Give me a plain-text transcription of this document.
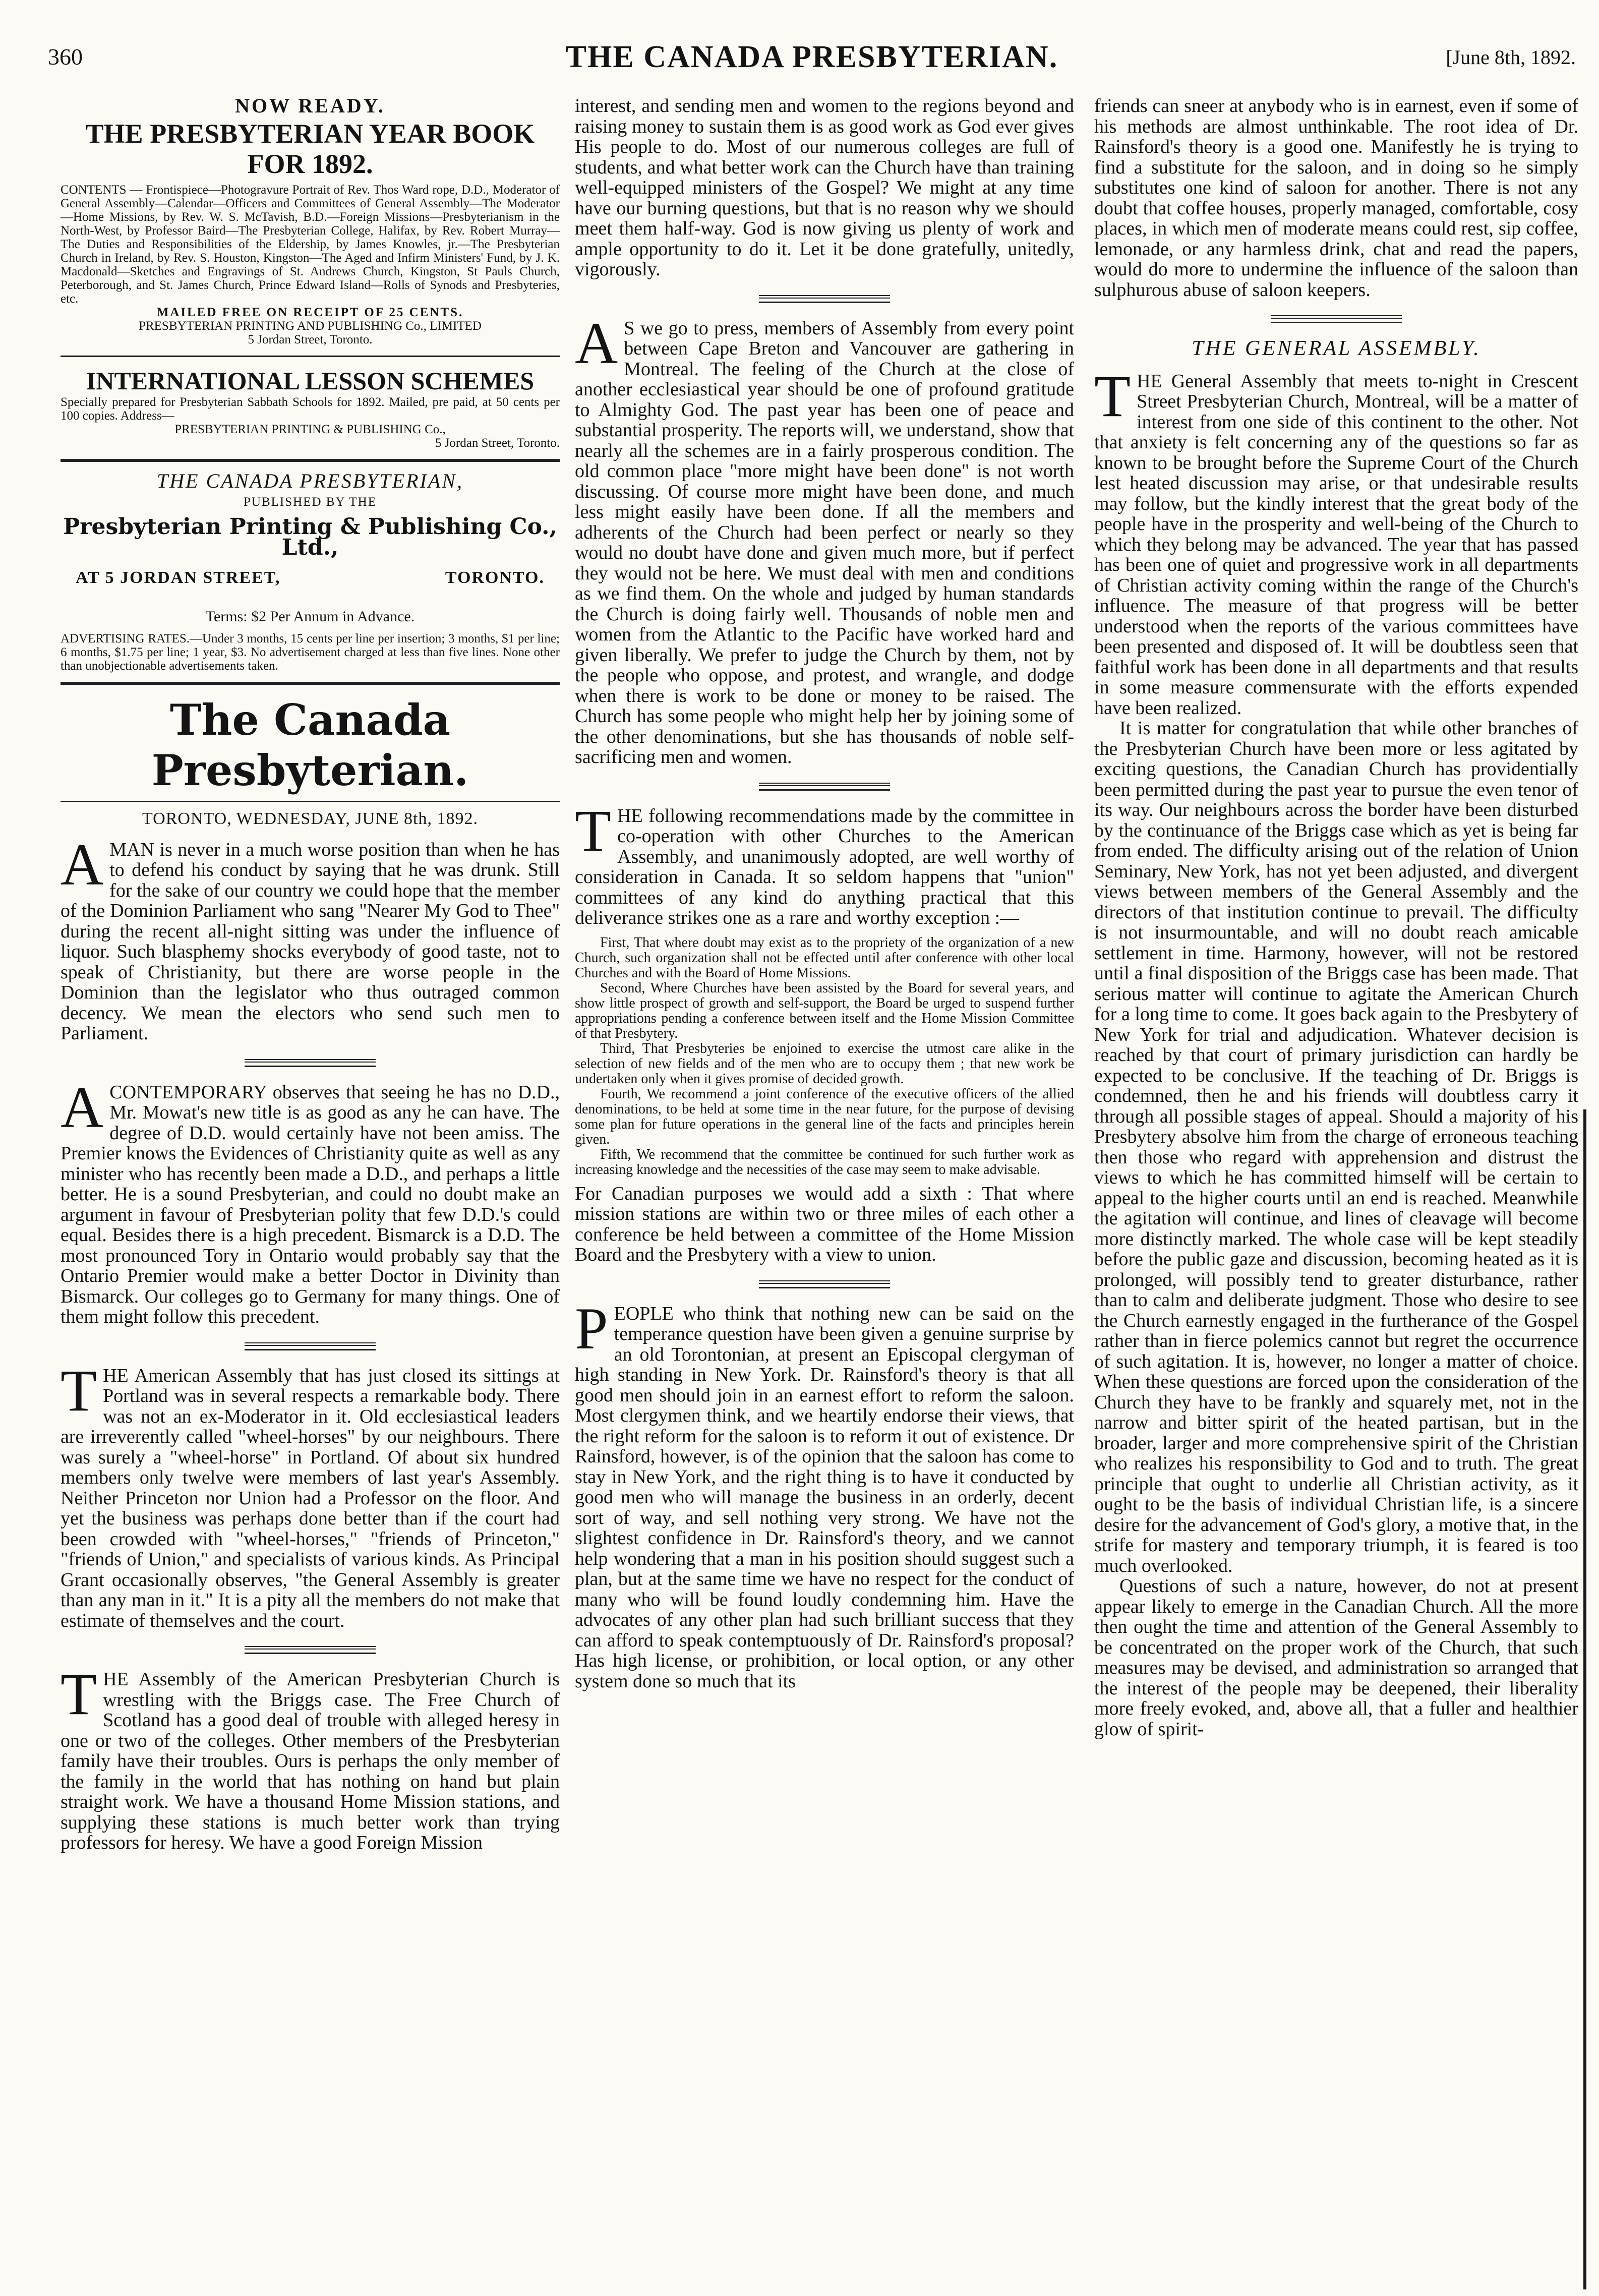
360	THE CANADA PRESBYTERIAN.	[June 8th, 1892.

NOW READY.

THE PRESBYTERIAN YEAR BOOK FOR 1892.

CONTENTS — Frontispiece—Photogravure Portrait of Rev. Thos Ward rope, D.D., Moderator of General Assembly—Calendar—Officers and Committees of General Assembly—The Moderator—Home Missions, by Rev. W. S. McTavish, B.D.—Foreign Missions—Presbyterianism in the North-West, by Professor Baird—The Presbyterian College, Halifax, by Rev. Robert Murray—The Duties and Responsibilities of the Eldership, by James Knowles, jr.—The Presbyterian Church in Ireland, by Rev. S. Houston, Kingston—The Aged and Infirm Ministers' Fund, by J. K. Macdonald—Sketches and Engravings of St. Andrews Church, Kingston, St Pauls Church, Peterborough, and St. James Church, Prince Edward Island—Rolls of Synods and Presbyteries, etc.

MAILED FREE ON RECEIPT OF 25 CENTS.

PRESBYTERIAN PRINTING AND PUBLISHING Co., LIMITED

5 Jordan Street, Toronto.

INTERNATIONAL LESSON SCHEMES

Specially prepared for Presbyterian Sabbath Schools for 1892. Mailed, pre paid, at 50 cents per 100 copies. Address—

PRESBYTERIAN PRINTING & PUBLISHING Co.,

5 Jordan Street, Toronto.

THE CANADA PRESBYTERIAN,

PUBLISHED BY THE

Presbyterian Printing & Publishing Co., Ltd.,

AT 5 JORDAN STREET,	TORONTO.

Terms: $2 Per Annum in Advance.

ADVERTISING RATES.—Under 3 months, 15 cents per line per insertion; 3 months, $1 per line; 6 months, $1.75 per line; 1 year, $3. No advertisement charged at less than five lines. None other than unobjectionable advertisements taken.

The Canada Presbyterian.

TORONTO, WEDNESDAY, JUNE 8th, 1892.

AMAN is never in a much worse position than when he has to defend his conduct by saying that he was drunk. Still for the sake of our country we could hope that the member of the Dominion Parliament who sang "Nearer My God to Thee" during the recent all-night sitting was under the influence of liquor. Such blasphemy shocks everybody of good taste, not to speak of Christianity, but there are worse people in the Dominion than the legislator who thus outraged common decency. We mean the electors who send such men to Parliament.

ACONTEMPORARY observes that seeing he has no D.D., Mr. Mowat's new title is as good as any he can have. The degree of D.D. would certainly have not been amiss. The Premier knows the Evidences of Christianity quite as well as any minister who has recently been made a D.D., and perhaps a little better. He is a sound Presbyterian, and could no doubt make an argument in favour of Presbyterian polity that few D.D.'s could equal. Besides there is a high precedent. Bismarck is a D.D. The most pronounced Tory in Ontario would probably say that the Ontario Premier would make a better Doctor in Divinity than Bismarck. Our colleges go to Germany for many things. One of them might follow this precedent.

THE American Assembly that has just closed its sittings at Portland was in several respects a remarkable body. There was not an ex-Moderator in it. Old ecclesiastical leaders are irreverently called "wheel-horses" by our neighbours. There was surely a "wheel-horse" in Portland. Of about six hundred members only twelve were members of last year's Assembly. Neither Princeton nor Union had a Professor on the floor. And yet the business was perhaps done better than if the court had been crowded with "wheel-horses," "friends of Princeton," "friends of Union," and specialists of various kinds. As Principal Grant occasionally observes, "the General Assembly is greater than any man in it." It is a pity all the members do not make that estimate of themselves and the court.

THE Assembly of the American Presbyterian Church is wrestling with the Briggs case. The Free Church of Scotland has a good deal of trouble with alleged heresy in one or two of the colleges. Other members of the Presbyterian family have their troubles. Ours is perhaps the only member of the family in the world that has nothing on hand but plain straight work. We have a thousand Home Mission stations, and supplying these stations is much better work than trying professors for heresy. We have a good Foreign Mission

interest, and sending men and women to the regions beyond and raising money to sustain them is as good work as God ever gives His people to do. Most of our numerous colleges are full of students, and what better work can the Church have than training well-equipped ministers of the Gospel? We might at any time have our burning questions, but that is no reason why we should meet them half-way. God is now giving us plenty of work and ample opportunity to do it. Let it be done gratefully, unitedly, vigorously.

A S we go to press, members of Assembly from every point between Cape Breton and Vancouver are gathering in Montreal. The feeling of the Church at the close of another ecclesiastical year should be one of profound gratitude to Almighty God. The past year has been one of peace and substantial prosperity. The reports will, we understand, show that nearly all the schemes are in a fairly prosperous condition. The old common place "more might have been done" is not worth discussing. Of course more might have been done, and much less might easily have been done. If all the members and adherents of the Church had been perfect or nearly so they would no doubt have done and given much more, but if perfect they would not be here. We must deal with men and conditions as we find them. On the whole and judged by human standards the Church is doing fairly well. Thousands of noble men and women from the Atlantic to the Pacific have worked hard and given liberally. We prefer to judge the Church by them, not by the people who oppose, and protest, and wrangle, and dodge when there is work to be done or money to be raised. The Church has some people who might help her by joining some of the other denominations, but she has thousands of noble self-sacrificing men and women.

THE following recommendations made by the committee in co-operation with other Churches to the American Assembly, and unanimously adopted, are well worthy of consideration in Canada. It so seldom happens that "union" committees of any kind do anything practical that this deliverance strikes one as a rare and worthy exception :—

First, That where doubt may exist as to the propriety of the organization of a new Church, such organization shall not be effected until after conference with other local Churches and with the Board of Home Missions.

Second, Where Churches have been assisted by the Board for several years, and show little prospect of growth and self-support, the Board be urged to suspend further appropriations pending a conference between itself and the Home Mission Committee of that Presbytery.

Third, That Presbyteries be enjoined to exercise the utmost care alike in the selection of new fields and of the men who are to occupy them ; that new work be undertaken only when it gives promise of decided growth.

Fourth, We recommend a joint conference of the executive officers of the allied denominations, to be held at some time in the near future, for the purpose of devising some plan for future operations in the general line of the facts and principles herein given.

Fifth, We recommend that the committee be continued for such further work as increasing knowledge and the necessities of the case may seem to make advisable.

For Canadian purposes we would add a sixth : That where mission stations are within two or three miles of each other a conference be held between a committee of the Home Mission Board and the Presbytery with a view to union.

PEOPLE who think that nothing new can be said on the temperance question have been given a genuine surprise by an old Torontonian, at present an Episcopal clergyman of high standing in New York. Dr. Rainsford's theory is that all good men should join in an earnest effort to reform the saloon. Most clergymen think, and we heartily endorse their views, that the right reform for the saloon is to reform it out of existence. Dr Rainsford, however, is of the opinion that the saloon has come to stay in New York, and the right thing is to have it conducted by good men who will manage the business in an orderly, decent sort of way, and sell nothing very strong. We have not the slightest confidence in Dr. Rainsford's theory, and we cannot help wondering that a man in his position should suggest such a plan, but at the same time we have no respect for the conduct of many who will be found loudly condemning him. Have the advocates of any other plan had such brilliant success that they can afford to speak contemptuously of Dr. Rainsford's proposal? Has high license, or prohibition, or local option, or any other system done so much that its

friends can sneer at anybody who is in earnest, even if some of his methods are almost unthinkable. The root idea of Dr. Rainsford's theory is a good one. Manifestly he is trying to find a substitute for the saloon, and in doing so he simply substitutes one kind of saloon for another. There is not any doubt that coffee houses, properly managed, comfortable, cosy places, in which men of moderate means could rest, sip coffee, lemonade, or any harmless drink, chat and read the papers, would do more to undermine the influence of the saloon than sulphurous abuse of saloon keepers.

THE GENERAL ASSEMBLY.

THE General Assembly that meets to-night in Crescent Street Presbyterian Church, Montreal, will be a matter of interest from one side of this continent to the other. Not that anxiety is felt concerning any of the questions so far as known to be brought before the Supreme Court of the Church lest heated discussion may arise, or that undesirable results may follow, but the kindly interest that the great body of the people have in the prosperity and well-being of the Church to which they belong may be advanced. The year that has passed has been one of quiet and progressive work in all departments of Christian activity coming within the range of the Church's influence. The measure of that progress will be better understood when the reports of the various committees have been presented and disposed of. It will be doubtless seen that faithful work has been done in all departments and that results in some measure commensurate with the efforts expended have been realized.

It is matter for congratulation that while other branches of the Presbyterian Church have been more or less agitated by exciting questions, the Canadian Church has providentially been permitted during the past year to pursue the even tenor of its way. Our neighbours across the border have been disturbed by the continuance of the Briggs case which as yet is being far from ended. The difficulty arising out of the relation of Union Seminary, New York, has not yet been adjusted, and divergent views between members of the General Assembly and the directors of that institution continue to prevail. The difficulty is not insurmountable, and will no doubt reach amicable settlement in time. Harmony, however, will not be restored until a final disposition of the Briggs case has been made. That serious matter will continue to agitate the American Church for a long time to come. It goes back again to the Presbytery of New York for trial and adjudication. Whatever decision is reached by that court of primary jurisdiction can hardly be expected to be conclusive. If the teaching of Dr. Briggs is condemned, then he and his friends will doubtless carry it through all possible stages of appeal. Should a majority of his Presbytery absolve him from the charge of erroneous teaching then those who regard with apprehension and distrust the views to which he has committed himself will be certain to appeal to the higher courts until an end is reached. Meanwhile the agitation will continue, and lines of cleavage will become more distinctly marked. The whole case will be kept steadily before the public gaze and discussion, becoming heated as it is prolonged, will possibly tend to greater disturbance, rather than to calm and deliberate judgment. Those who desire to see the Church earnestly engaged in the furtherance of the Gospel rather than in fierce polemics cannot but regret the occurrence of such agitation. It is, however, no longer a matter of choice. When these questions are forced upon the consideration of the Church they have to be frankly and squarely met, not in the narrow and bitter spirit of the heated partisan, but in the broader, larger and more comprehensive spirit of the Christian who realizes his responsibility to God and to truth. The great principle that ought to underlie all Christian activity, as it ought to be the basis of individual Christian life, is a sincere desire for the advancement of God's glory, a motive that, in the strife for mastery and temporary triumph, it is feared is too much overlooked.

Questions of such a nature, however, do not at present appear likely to emerge in the Canadian Church. All the more then ought the time and attention of the General Assembly to be concentrated on the proper work of the Church, that such measures may be devised, and administration so arranged that the interest of the people may be deepened, their liberality more freely evoked, and, above all, that a fuller and healthier glow of spirit-
